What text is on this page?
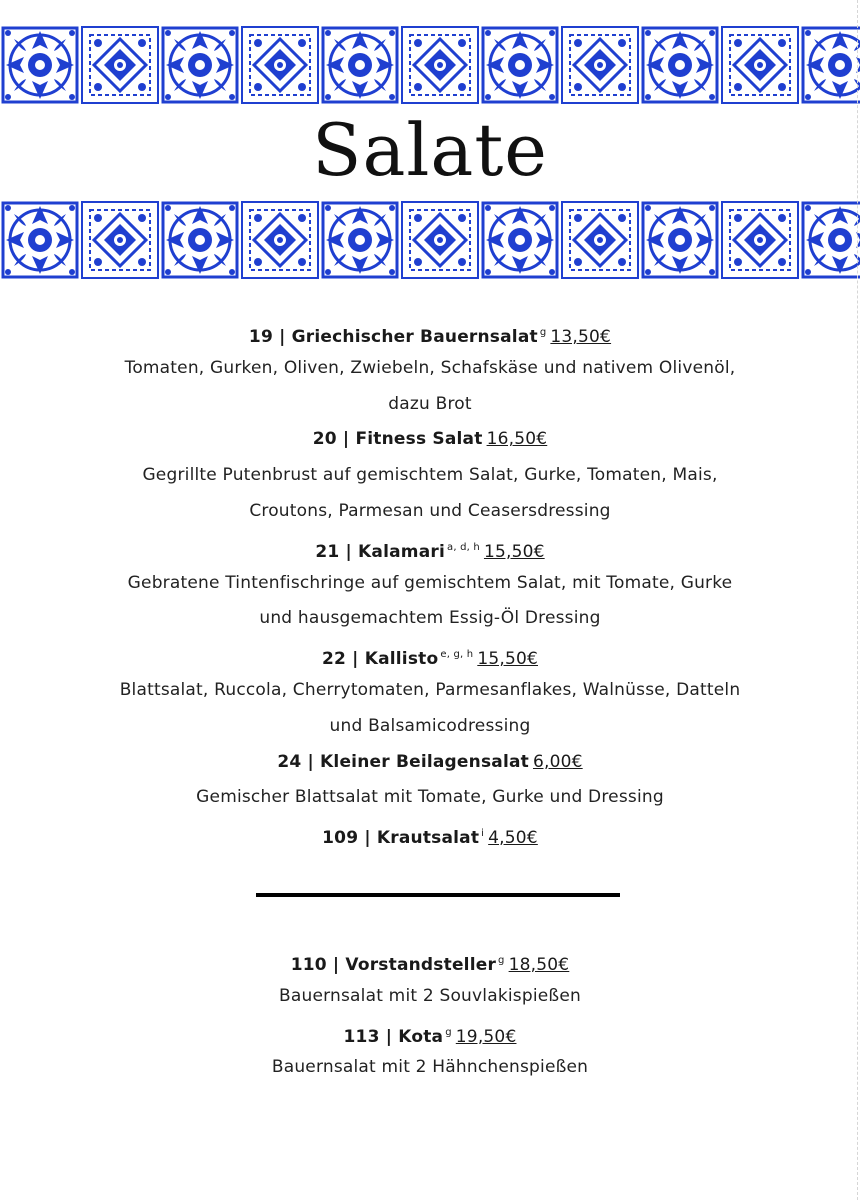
Salate
19 | Griechischer Bauernsalat $^g$ 13,50€
Tomaten, Gurken, Oliven, Zwiebeln, Schafskäse und nativem Olivenöl,
dazu Brot
20 | Fitness Salat 16,50€
Gegrillte Putenbrust auf gemischtem Salat, Gurke, Tomaten, Mais,
Croutons, Parmesan und Ceasersdressing
21 | Kalamari $^{a, d, h}$ 15,50€
Gebratene Tintenfischringe auf gemischtem Salat, mit Tomate, Gurke
und hausgemachtem Essig-Öl Dressing
22 | Kallisto $^{e, g, h}$ 15,50€
Blattsalat, Ruccola, Cherrytomaten, Parmesanflakes, Walnüsse, Datteln
und Balsamicodressing
24 | Kleiner Beilagensalat 6,00€
Gemischer Blattsalat mit Tomate, Gurke und Dressing
109 | Krautsalat $^i$ 4,50€
110 | Vorstandsteller $^g$ 18,50€
Bauernsalat mit 2 Souvlakispießen
113 | Kota $^g$ 19,50€
Bauernsalat mit 2 Hähnchenspießen
